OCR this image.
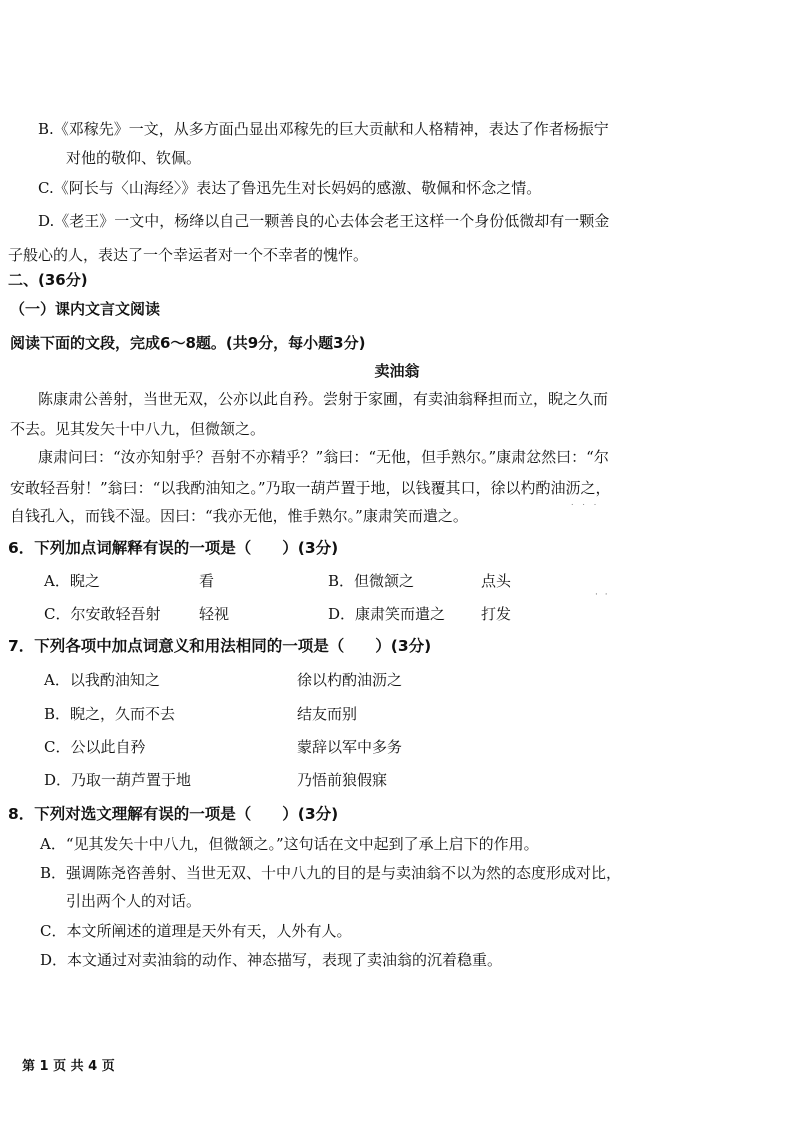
B.《邓稼先》一文，从多方面凸显出邓稼先的巨大贡献和人格精神，表达了作者杨振宁
对他的敬仰、钦佩。
C.《阿长与〈山海经〉》表达了鲁迅先生对长妈妈的感激、敬佩和怀念之情。
D.《老王》一文中，杨绛以自己一颗善良的心去体会老王这样一个身份低微却有一颗金
子般心的人，表达了一个幸运者对一个不幸者的愧怍。
二、(36分)
（一）课内文言文阅读
阅读下面的文段，完成6～8题。(共9分，每小题3分)
卖油翁
陈康肃公善射，当世无双，公亦以此自矜。尝射于家圃，有卖油翁释担而立，睨之久而
不去。见其发矢十中八九，但微颔之。
康肃问曰：“汝亦知射乎？吾射不亦精乎？”翁曰：“无他，但手熟尔。”康肃忿然曰：“尔
安敢轻吾射！”翁曰：“以我酌油知之。”乃取一葫芦置于地，以钱覆其口，徐以杓酌油沥之，
自钱孔入，而钱不湿。因曰：“我亦无他，惟手熟尔。”康肃笑而遣之。	˙ ˙ ˙
6．下列加点词解释有误的一项是（　　）(3分)
A．睨之	看	B．但微颔之	点头
C．尔安敢轻吾射	轻视	D．康肃笑而遣之 打发
· ·
7．下列各项中加点词意义和用法相同的一项是（　　）(3分)
A．以我酌油知之	徐以杓酌油沥之
B．睨之，久而不去	结友而别
C．公以此自矜	蒙辞以军中多务
D．乃取一葫芦置于地	乃悟前狼假寐
8．下列对选文理解有误的一项是（　　）(3分)
A．“见其发矢十中八九，但微颔之。”这句话在文中起到了承上启下的作用。
B．强调陈尧咨善射、当世无双、十中八九的目的是与卖油翁不以为然的态度形成对比，
引出两个人的对话。
C．本文所阐述的道理是天外有天，人外有人。
D．本文通过对卖油翁的动作、神态描写，表现了卖油翁的沉着稳重。
第 1 页 共 4 页
